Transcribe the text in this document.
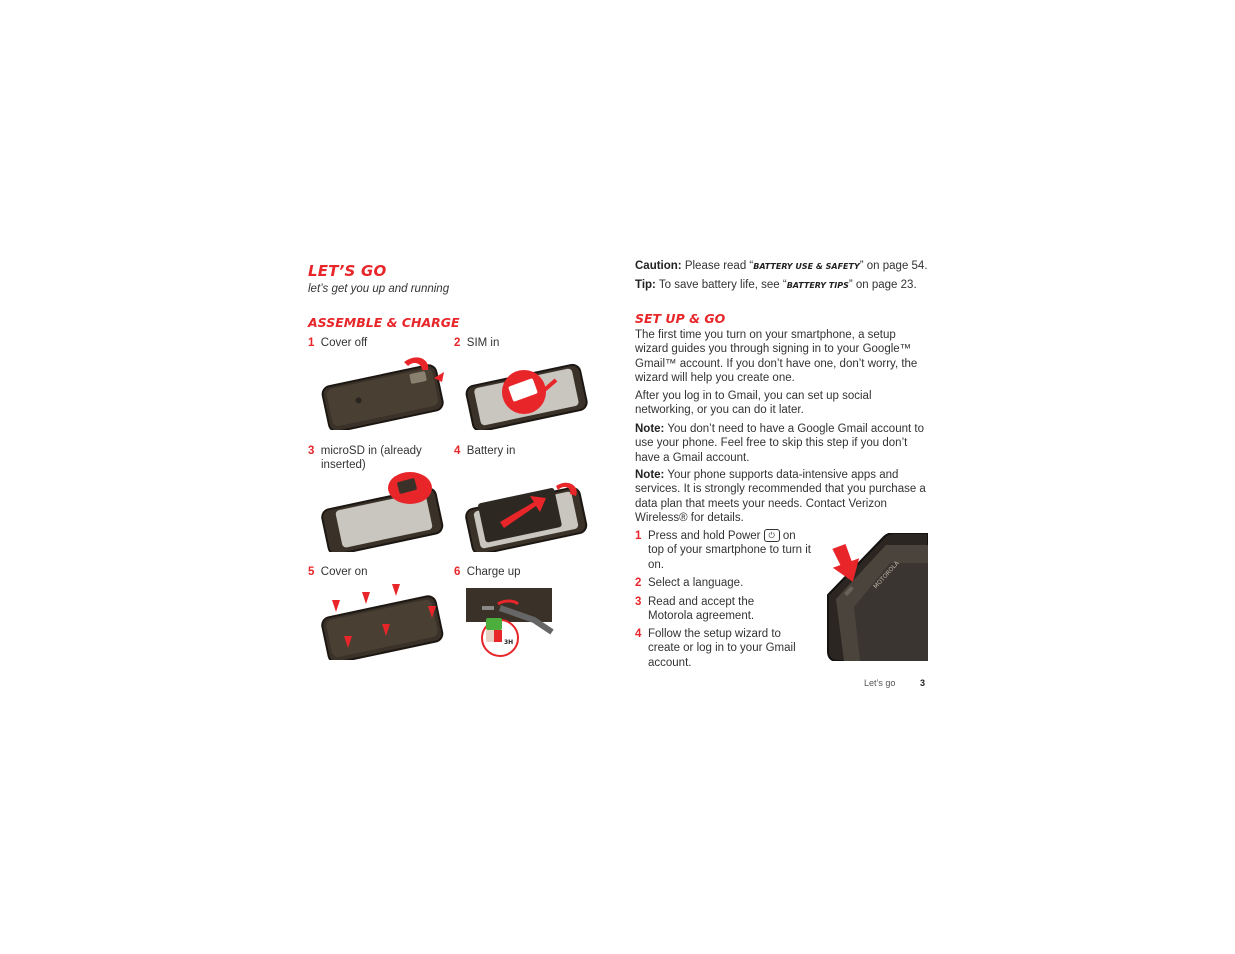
LET’S GO
let’s get you up and running
ASSEMBLE & CHARGE
1 Cover off	2 SIM in
3 microSD in (already
inserted)
4 Battery in
5 Cover on	6 Charge up
3H
Caution: Please read “BATTERY USE & SAFETY” on page 54.
Tip: To save battery life, see “BATTERY TIPS” on page 23.
SET UP & GO
The first time you turn on your smartphone, a setup wizard guides you through signing in to your Google™ Gmail™ account. If you don’t have one, don’t worry, the wizard will help you create one.
After you log in to Gmail, you can set up social networking, or you can do it later.
Note: You don’t need to have a Google Gmail account to use your phone. Feel free to skip this step if you don’t have a Gmail account.
Note: Your phone supports data-intensive apps and services. It is strongly recommended that you purchase a data plan that meets your needs. Contact Verizon Wireless® for details.
1 Press and hold Power ⏻ on top of your smartphone to turn it on.
2 Select a language.
3 Read and accept the Motorola agreement.
4 Follow the setup wizard to create or log in to your Gmail account.
MOTOROLA
Let’s go	3
